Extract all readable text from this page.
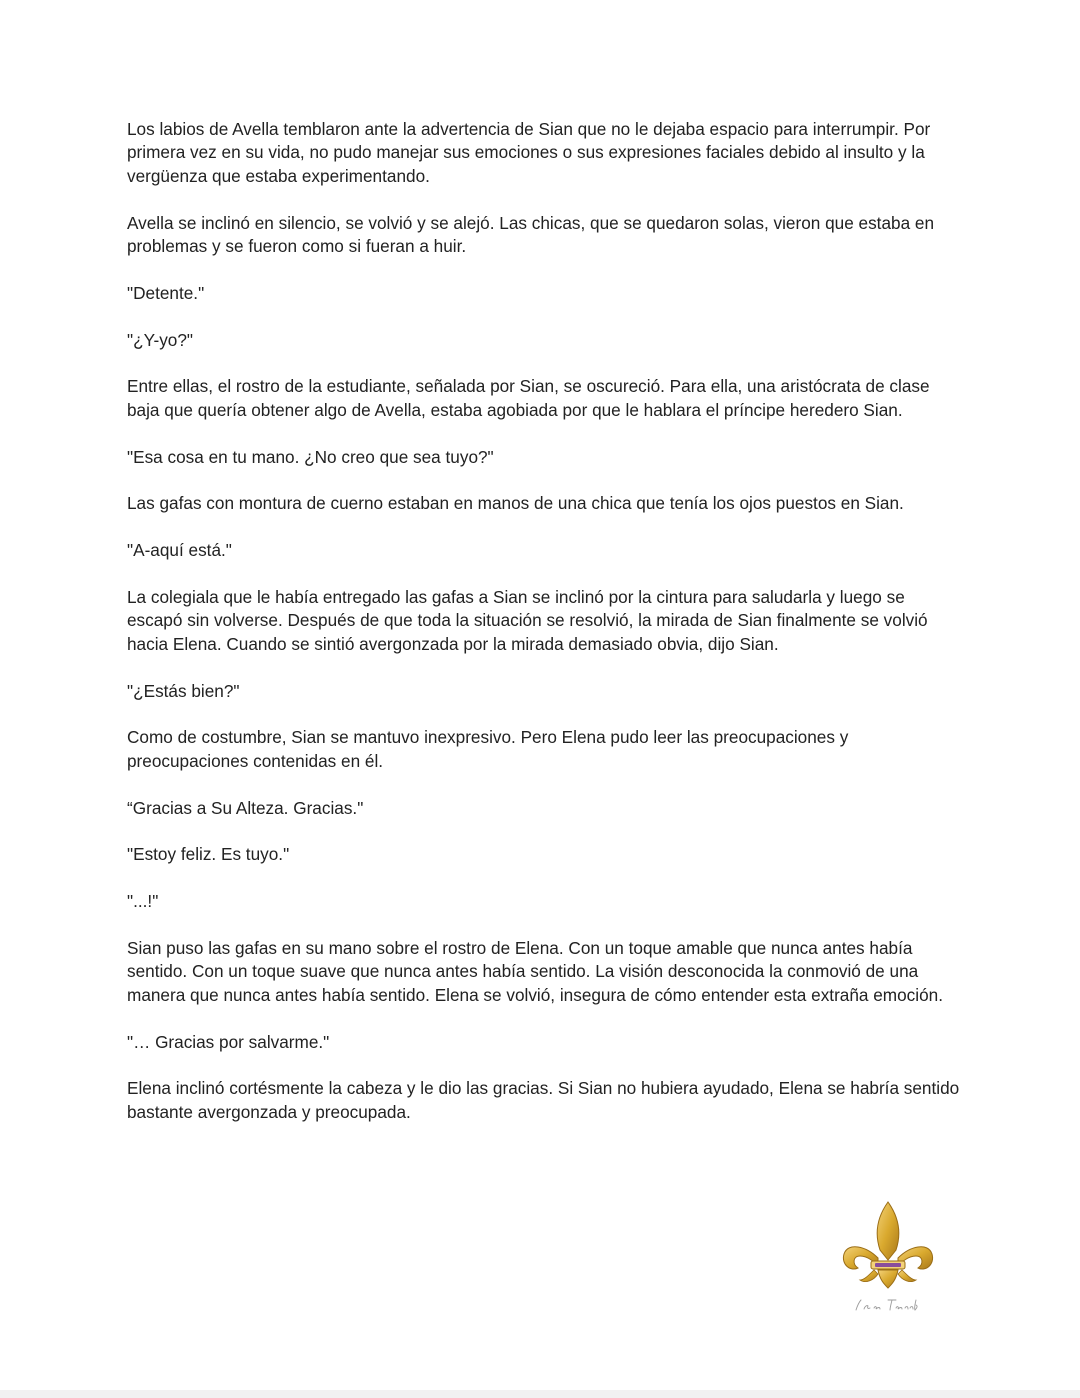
Los labios de Avella temblaron ante la advertencia de Sian que no le dejaba espacio para interrumpir. Por primera vez en su vida, no pudo manejar sus emociones o sus expresiones faciales debido al insulto y la vergüenza que estaba experimentando.

Avella se inclinó en silencio, se volvió y se alejó. Las chicas, que se quedaron solas, vieron que estaba en problemas y se fueron como si fueran a huir.

"Detente."

"¿Y-yo?"

Entre ellas, el rostro de la estudiante, señalada por Sian, se oscureció. Para ella, una aristócrata de clase baja que quería obtener algo de Avella, estaba agobiada por que le hablara el príncipe heredero Sian.

"Esa cosa en tu mano. ¿No creo que sea tuyo?"

Las gafas con montura de cuerno estaban en manos de una chica que tenía los ojos puestos en Sian.

"A-aquí está."

La colegiala que le había entregado las gafas a Sian se inclinó por la cintura para saludarla y luego se escapó sin volverse. Después de que toda la situación se resolvió, la mirada de Sian finalmente se volvió hacia Elena. Cuando se sintió avergonzada por la mirada demasiado obvia, dijo Sian.

"¿Estás bien?"

Como de costumbre, Sian se mantuvo inexpresivo. Pero Elena pudo leer las preocupaciones y preocupaciones contenidas en él.

“Gracias a Su Alteza. Gracias."

"Estoy feliz. Es tuyo."

"...!"

Sian puso las gafas en su mano sobre el rostro de Elena. Con un toque amable que nunca antes había sentido. Con un toque suave que nunca antes había sentido. La visión desconocida la conmovió de una manera que nunca antes había sentido. Elena se volvió, insegura de cómo entender esta extraña emoción.

"… Gracias por salvarme."

Elena inclinó cortésmente la cabeza y le dio las gracias. Si Sian no hubiera ayudado, Elena se habría sentido bastante avergonzada y preocupada.
